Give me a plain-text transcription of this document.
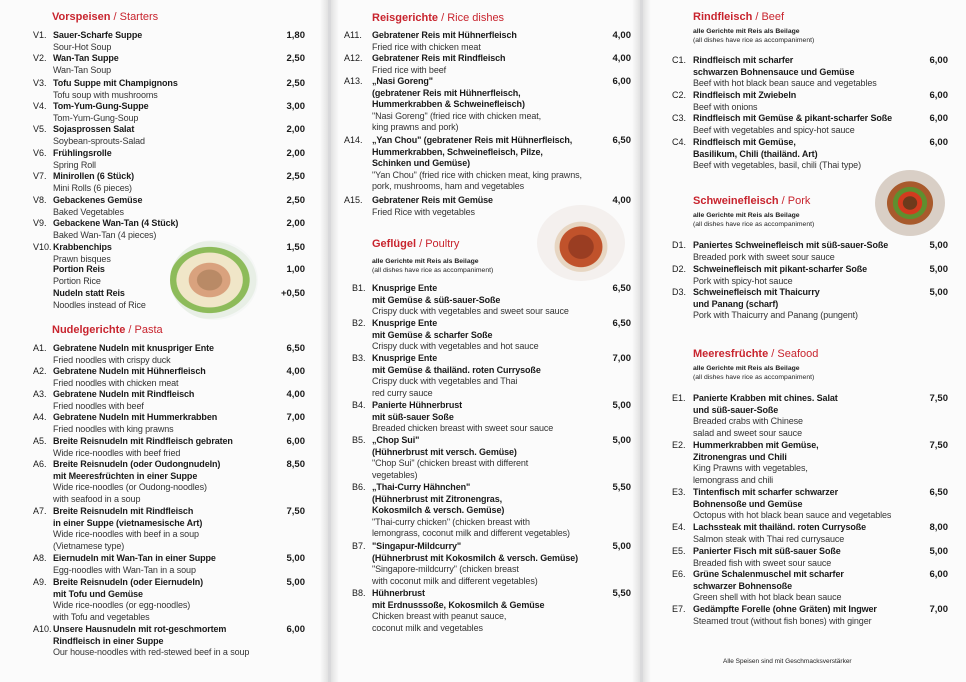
Vorspeisen / Starters
V1. Sauer-Scharfe Suppe
Sour-Hot Soup
1,80
V2. Wan-Tan Suppe
Wan-Tan Soup
2,50
V3. Tofu Suppe mit Champignons
Tofu soup with mushrooms
2,50
V4. Tom-Yum-Gung-Suppe
Tom-Yum-Gung-Soup
3,00
V5. Sojasprossen Salat
Soybean-sprouts-Salad
2,00
V6. Frühlingsrolle
Spring Roll
2,00
V7. Minirollen (6 Stück)
Mini Rolls (6 pieces)
2,50
V8. Gebackenes Gemüse
Baked Vegetables
2,50
V9. Gebackene Wan-Tan (4 Stück)
Baked Wan-Tan (4 pieces)
2,00
V10. Krabbenchips
Prawn bisques
1,50
Portion Reis
Portion Rice
1,00
Nudeln statt Reis
Noodles instead of Rice
+0,50
Nudelgerichte / Pasta
A1. Gebratene Nudeln mit knuspriger Ente
Fried noodles with crispy duck
6,50
A2. Gebratene Nudeln mit Hühnerfleisch
Fried noodles with chicken meat
4,00
A3. Gebratene Nudeln mit Rindfleisch
Fried noodles with beef
4,00
A4. Gebratene Nudeln mit Hummerkrabben
Fried noodles with king prawns
7,00
A5. Breite Reisnudeln mit Rindfleisch gebraten
Wide rice-noodles with beef fried
6,00
A6. Breite Reisnudeln (oder Oudongnudeln)
mit Meeresfrüchten in einer Suppe
Wide rice-noodles (or Oudong-noodles)
with seafood in a soup
8,50
A7. Breite Reisnudeln mit Rindfleisch
in einer Suppe (vietnamesische Art)
Wide rice-noodles with beef in a soup
(Vietnamese type)
7,50
A8. Eiernudeln mit Wan-Tan in einer Suppe
Egg-noodles with Wan-Tan in a soup
5,00
A9. Breite Reisnudeln (oder Eiernudeln)
mit Tofu und Gemüse
Wide rice-noodles (or egg-noodles)
with Tofu and vegetables
5,00
A10. Unsere Hausnudeln mit rot-geschmortem
Rindfleisch in einer Suppe
Our house-noodles with red-stewed beef in a soup
6,00
Reisgerichte / Rice dishes
A11. Gebratener Reis mit Hühnerfleisch
Fried rice with chicken meat
4,00
A12. Gebratener Reis mit Rindfleisch
Fried rice with beef
4,00
A13. „Nasi Goreng"
(gebratener Reis mit Hühnerfleisch,
Hummerkrabben & Schweinefleisch)
"Nasi Goreng" (fried rice with chicken meat,
king prawns and pork)
6,00
A14. „Yan Chou" (gebratener Reis mit Hühnerfleisch,
Hummerkrabben, Schweinefleisch, Pilze,
Schinken und Gemüse)
"Yan Chou" (fried rice with chicken meat, king prawns,
pork, mushrooms, ham and vegetables
6,50
A15. Gebratener Reis mit Gemüse
Fried Rice with vegetables
4,00
Geflügel / Poultry
alle Gerichte mit Reis als Beilage
(all dishes have rice as accompaniment)
B1. Knusprige Ente
mit Gemüse & süß-sauer-Soße
Crispy duck with vegetables and sweet sour sauce
6,50
B2. Knusprige Ente
mit Gemüse & scharfer Soße
Crispy duck with vegetables and hot sauce
6,50
B3. Knusprige Ente
mit Gemüse & thailänd. roten Currysoße
Crispy duck with vegetables and Thai
red curry sauce
7,00
B4. Panierte Hühnerbrust
mit süß-sauer Soße
Breaded chicken breast with sweet sour sauce
5,00
B5. „Chop Sui"
(Hühnerbrust mit versch. Gemüse)
"Chop Sui" (chicken breast with different
vegetables)
5,00
B6. „Thai-Curry Hähnchen"
(Hühnerbrust mit Zitronengras,
Kokosmilch & versch. Gemüse)
"Thai-curry chicken" (chicken breast with
lemongrass, coconut milk and different vegetables)
5,50
B7. "Singapur-Mildcurry"
(Hühnerbrust mit Kokosmilch & versch. Gemüse)
"Singapore-mildcurry" (chicken breast
with coconut milk and different vegetables)
5,00
B8. Hühnerbrust
mit Erdnusssoße, Kokosmilch & Gemüse
Chicken breast with peanut sauce,
coconut milk and vegetables
5,50
Rindfleisch / Beef
alle Gerichte mit Reis als Beilage
(all dishes have rice as accompaniment)
C1. Rindfleisch mit scharfer
schwarzen Bohnensauce und Gemüse
Beef with hot black bean sauce and vegetables
6,00
C2. Rindfleisch mit Zwiebeln
Beef with onions
6,00
C3. Rindfleisch mit Gemüse & pikant-scharfer Soße
Beef with vegetables and spicy-hot sauce
6,00
C4. Rindfleisch mit Gemüse,
Basilikum, Chili (thailänd. Art)
Beef with vegetables, basil, chili (Thai type)
6,00
Schweinefleisch / Pork
alle Gerichte mit Reis als Beilage
(all dishes have rice as accompaniment)
D1. Paniertes Schweinefleisch mit süß-sauer-Soße
Breaded pork with sweet sour sauce
5,00
D2. Schweinefleisch mit pikant-scharfer Soße
Pork with spicy-hot sauce
5,00
D3. Schweinefleisch mit Thaicurry
und Panang (scharf)
Pork with Thaicurry and Panang (pungent)
5,00
Meeresfrüchte / Seafood
alle Gerichte mit Reis als Beilage
(all dishes have rice as accompaniment)
E1. Panierte Krabben mit chines. Salat
und süß-sauer-Soße
Breaded crabs with Chinese
salad and sweet sour sauce
7,50
E2. Hummerkrabben mit Gemüse,
Zitronengras und Chili
King Prawns with vegetables,
lemongrass and chili
7,50
E3. Tintenfisch mit scharfer schwarzer
Bohnensoße und Gemüse
Octopus with hot black bean sauce and vegetables
6,50
E4. Lachssteak mit thailänd. roten Currysoße
Salmon steak with Thai red currysauce
8,00
E5. Panierter Fisch mit süß-sauer Soße
Breaded fish with sweet sour sauce
5,00
E6. Grüne Schalenmuschel mit scharfer
schwarzer Bohnensoße
Green shell with hot black bean sauce
6,00
E7. Gedämpfte Forelle (ohne Gräten) mit Ingwer
Steamed trout (without fish bones) with ginger
7,00
Alle Speisen sind mit Geschmacksverstärker
